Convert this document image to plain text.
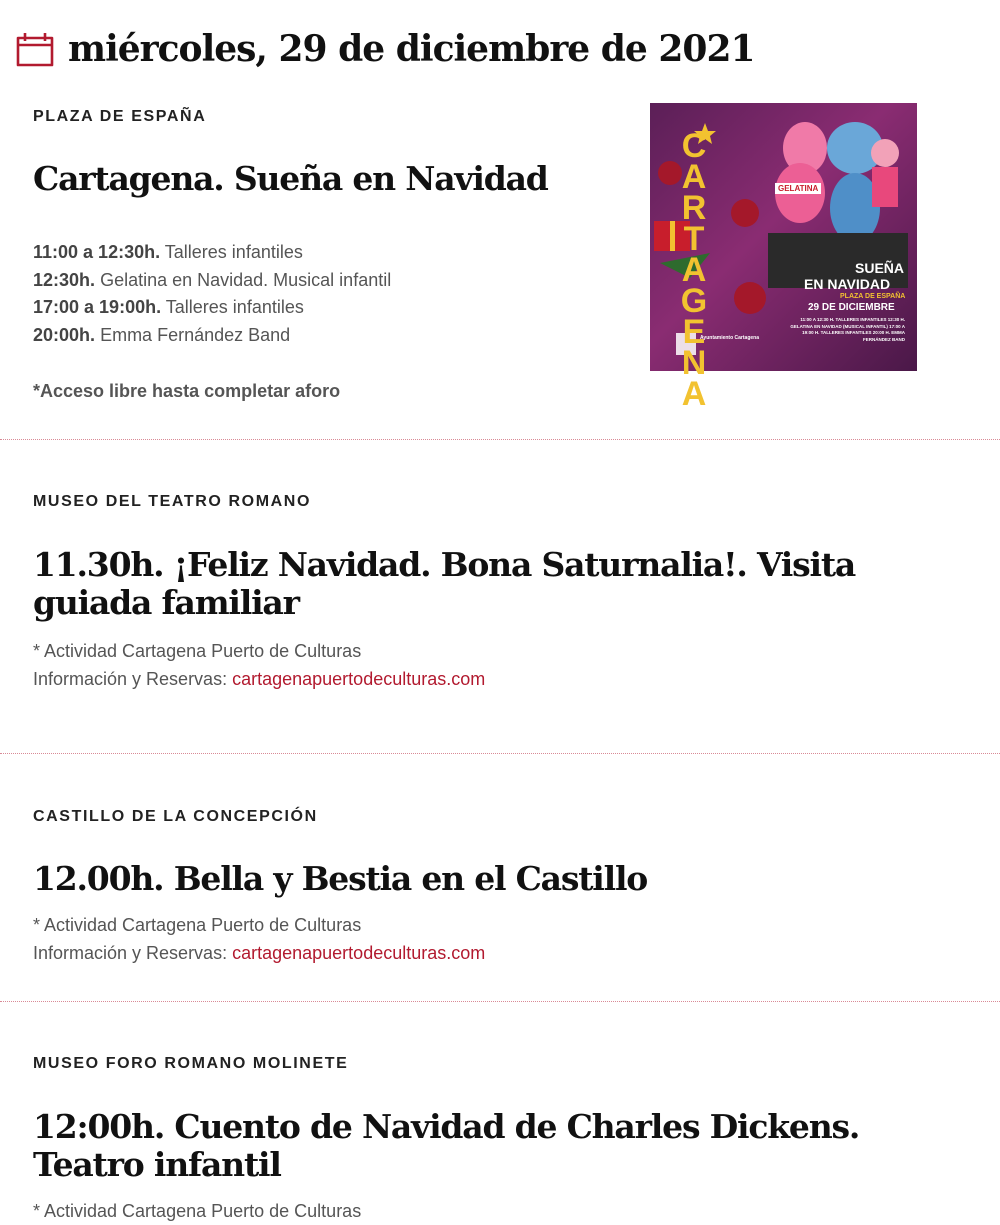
miércoles, 29 de diciembre de 2021
PLAZA DE ESPAÑA
Cartagena. Sueña en Navidad
11:00 a 12:30h. Talleres infantiles
12:30h. Gelatina en Navidad. Musical infantil
17:00 a 19:00h. Talleres infantiles
20:00h. Emma Fernández Band
*Acceso libre hasta completar aforo
CARTAGENA
GELATINA
SUEÑA
EN NAVIDAD
PLAZA DE ESPAÑA
29 DE DICIEMBRE
11:00 A 12:30 H. TALLERES INFANTILES 12:30 H. GELATINA EN NAVIDAD (MUSICAL INFANTIL) 17:00 A 19:00 H. TALLERES INFANTILES 20:00 H. EMMA FERNÁNDEZ BAND
Ayuntamiento Cartagena
MUSEO DEL TEATRO ROMANO
11.30h. ¡Feliz Navidad. Bona Saturnalia!. Visita
guiada familiar
* Actividad Cartagena Puerto de Culturas
Información y Reservas: cartagenapuertodeculturas.com
CASTILLO DE LA CONCEPCIÓN
12.00h. Bella y Bestia en el Castillo
* Actividad Cartagena Puerto de Culturas
Información y Reservas: cartagenapuertodeculturas.com
MUSEO FORO ROMANO MOLINETE
12:00h. Cuento de Navidad de Charles Dickens.
Teatro infantil
* Actividad Cartagena Puerto de Culturas
